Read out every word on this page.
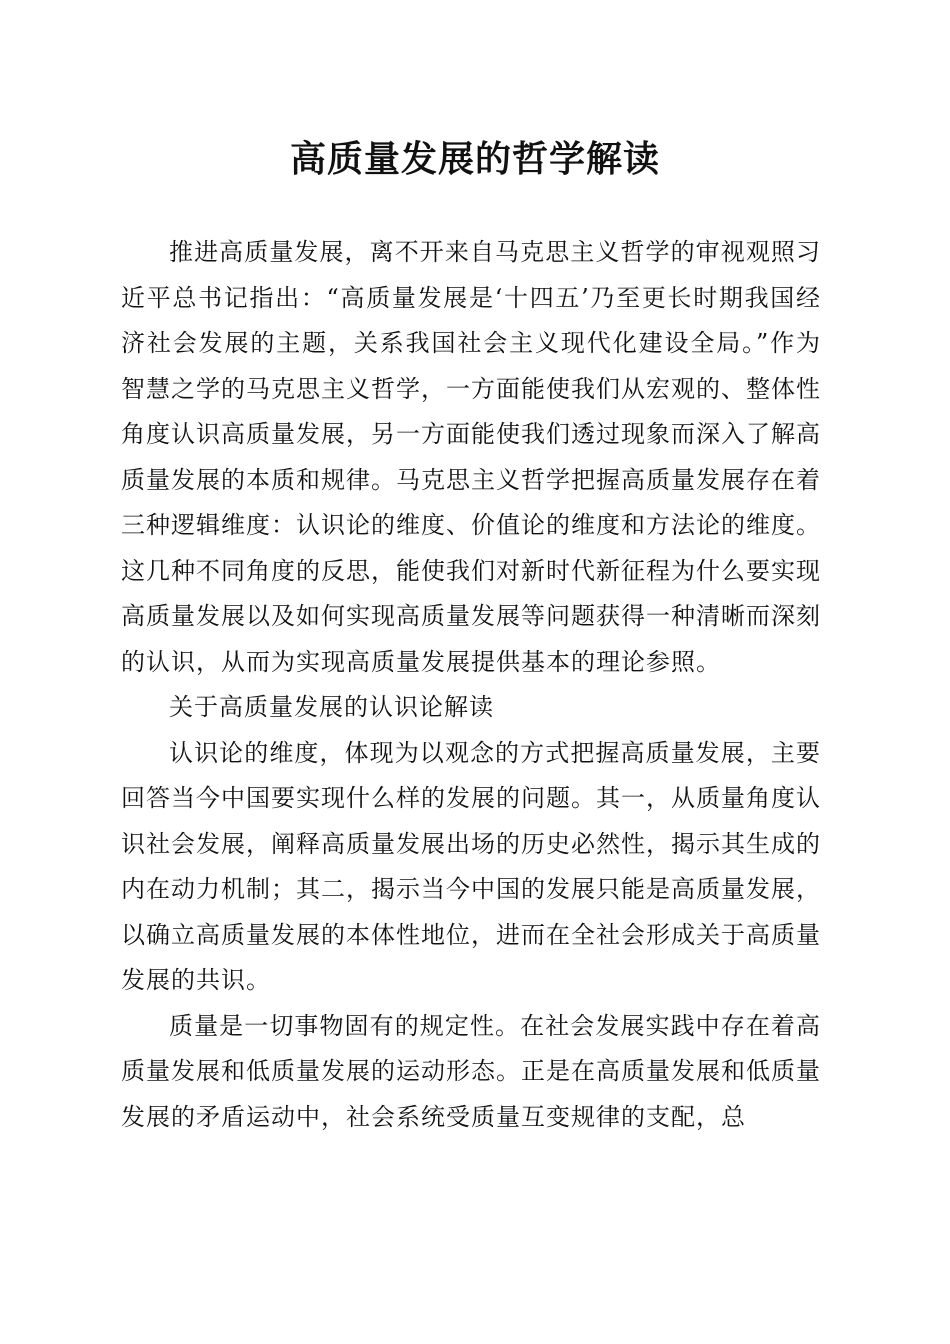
高质量发展的哲学解读

推进高质量发展，离不开来自马克思主义哲学的审视观照习近平总书记指出：“高质量发展是‘十四五’乃至更长时期我国经济社会发展的主题，关系我国社会主义现代化建设全局。”作为智慧之学的马克思主义哲学，一方面能使我们从宏观的、整体性角度认识高质量发展，另一方面能使我们透过现象而深入了解高质量发展的本质和规律。马克思主义哲学把握高质量发展存在着三种逻辑维度：认识论的维度、价值论的维度和方法论的维度。这几种不同角度的反思，能使我们对新时代新征程为什么要实现高质量发展以及如何实现高质量发展等问题获得一种清晰而深刻的认识，从而为实现高质量发展提供基本的理论参照。

关于高质量发展的认识论解读

认识论的维度，体现为以观念的方式把握高质量发展，主要回答当今中国要实现什么样的发展的问题。其一，从质量角度认识社会发展，阐释高质量发展出场的历史必然性，揭示其生成的内在动力机制；其二，揭示当今中国的发展只能是高质量发展，以确立高质量发展的本体性地位，进而在全社会形成关于高质量发展的共识。

质量是一切事物固有的规定性。在社会发展实践中存在着高质量发展和低质量发展的运动形态。正是在高质量发展和低质量发展的矛盾运动中，社会系统受质量互变规律的支配，总
